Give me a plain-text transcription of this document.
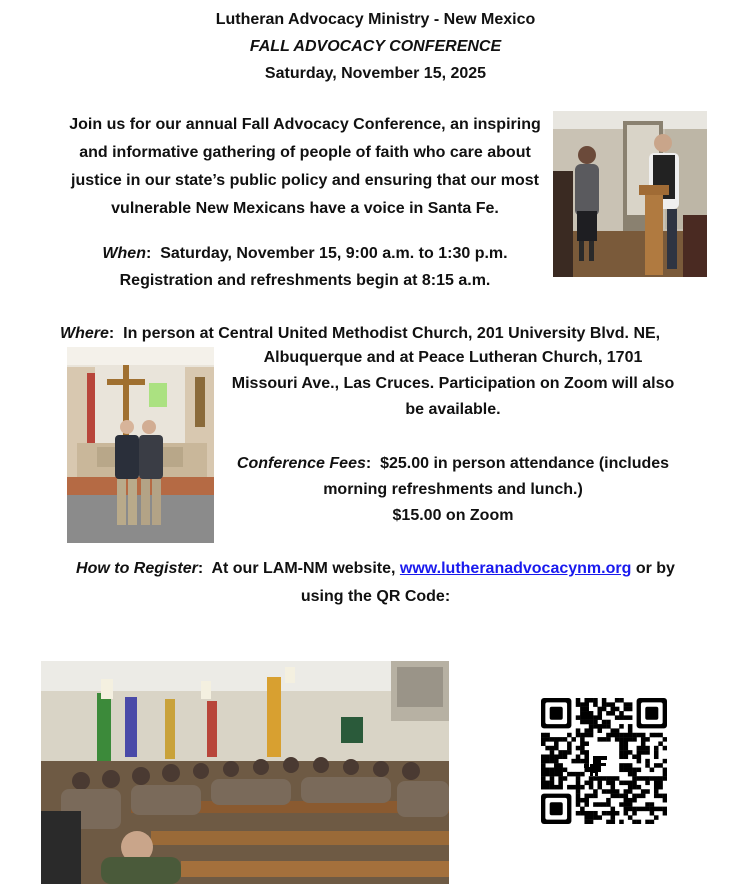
Lutheran Advocacy Ministry - New Mexico
FALL ADVOCACY CONFERENCE
Saturday, November 15, 2025
Join us for our annual Fall Advocacy Conference, an inspiring
and informative gathering of people of faith who care about
justice in our state’s public policy and ensuring that our most
vulnerable New Mexicans have a voice in Santa Fe.
When:  Saturday, November 15, 9:00 a.m. to 1:30 p.m.
Registration and refreshments begin at 8:15 a.m.
Where:  In person at Central United Methodist Church, 201 University Blvd. NE,
Albuquerque and at Peace Lutheran Church, 1701
Missouri Ave., Las Cruces. Participation on Zoom will also
be available.
Conference Fees:  $25.00 in person attendance (includes
morning refreshments and lunch.)
$15.00 on Zoom
How to Register:  At our LAM-NM website, www.lutheranadvocacynm.org or by
using the QR Code:
